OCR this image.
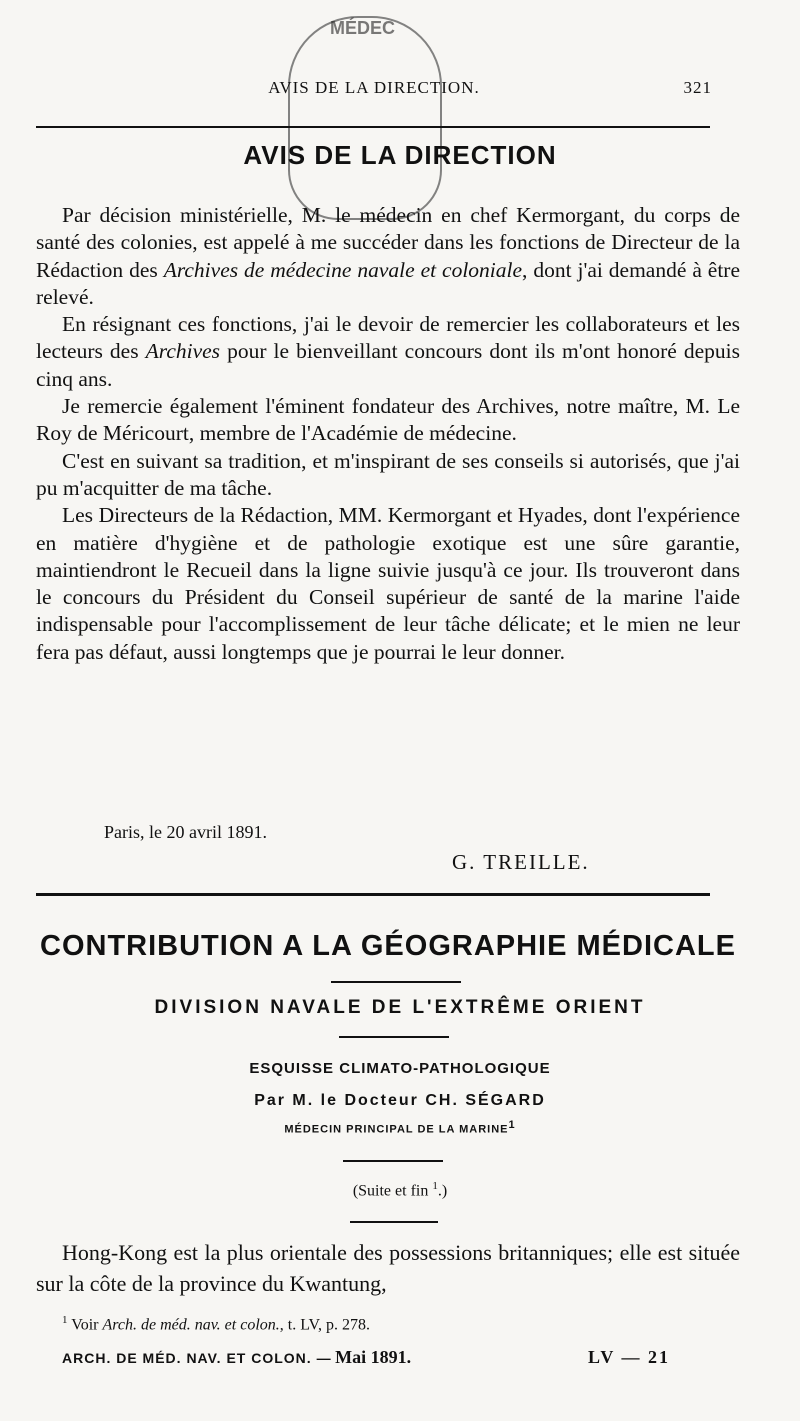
MÉDEC
AVIS DE LA DIRECTION.	321
AVIS DE LA DIRECTION

Par décision ministérielle, M. le médecin en chef Kermorgant, du corps de santé des colonies, est appelé à me succéder dans les fonctions de Directeur de la Rédaction des Archives de médecine navale et coloniale, dont j'ai demandé à être relevé.

En résignant ces fonctions, j'ai le devoir de remercier les collaborateurs et les lecteurs des Archives pour le bienveillant concours dont ils m'ont honoré depuis cinq ans.

Je remercie également l'éminent fondateur des Archives, notre maître, M. Le Roy de Méricourt, membre de l'Académie de médecine.

C'est en suivant sa tradition, et m'inspirant de ses conseils si autorisés, que j'ai pu m'acquitter de ma tâche.

Les Directeurs de la Rédaction, MM. Kermorgant et Hyades, dont l'expérience en matière d'hygiène et de pathologie exotique est une sûre garantie, maintiendront le Recueil dans la ligne suivie jusqu'à ce jour. Ils trouveront dans le concours du Président du Conseil supérieur de santé de la marine l'aide indispensable pour l'accomplissement de leur tâche délicate; et le mien ne leur fera pas défaut, aussi longtemps que je pourrai le leur donner.

Paris, le 20 avril 1891.
G. TREILLE.
CONTRIBUTION A LA GÉOGRAPHIE MÉDICALE
DIVISION NAVALE DE L'EXTRÊME ORIENT
ESQUISSE CLIMATO-PATHOLOGIQUE
Par M. le Docteur CH. SÉGARD
MÉDECIN PRINCIPAL DE LA MARINE$^1$
(Suite et fin $^1$.)

Hong-Kong est la plus orientale des possessions britanniques; elle est située sur la côte de la province du Kwantung,

$^1$ Voir Arch. de méd. nav. et colon., t. LV, p. 278.
ARCH. DE MÉD. NAV. ET COLON. — Mai 1891.	LV — 21
